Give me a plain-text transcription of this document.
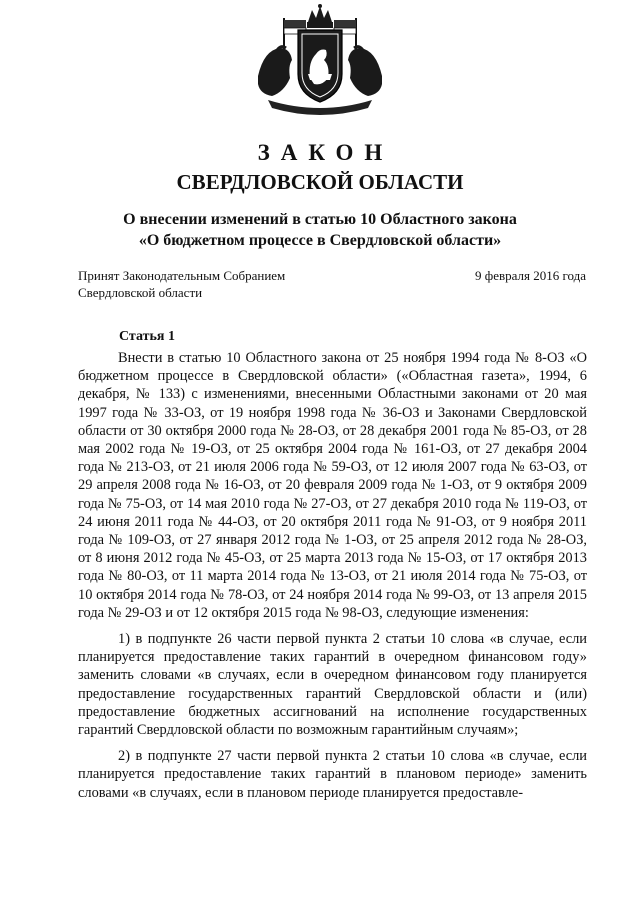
ЗАКОН
СВЕРДЛОВСКОЙ ОБЛАСТИ
О внесении изменений в статью 10 Областного закона
«О бюджетном процессе в Свердловской области»
Принят Законодательным Собранием
Свердловской области
9 февраля 2016 года
Статья 1

Внести в статью 10 Областного закона от 25 ноября 1994 года № 8-ОЗ «О бюджетном процессе в Свердловской области» («Областная газета», 1994, 6 декабря, № 133) с изменениями, внесенными Областными законами от 20 мая 1997 года № 33-ОЗ, от 19 ноября 1998 года № 36-ОЗ и Законами Свердловской области от 30 октября 2000 года № 28-ОЗ, от 28 декабря 2001 года № 85-ОЗ, от 28 мая 2002 года № 19-ОЗ, от 25 октября 2004 года № 161-ОЗ, от 27 декабря 2004 года № 213-ОЗ, от 21 июля 2006 года № 59-ОЗ, от 12 июля 2007 года № 63-ОЗ, от 29 апреля 2008 года № 16-ОЗ, от 20 февраля 2009 года № 1-ОЗ, от 9 октября 2009 года № 75-ОЗ, от 14 мая 2010 года № 27-ОЗ, от 27 декабря 2010 года № 119-ОЗ, от 24 июня 2011 года № 44-ОЗ, от 20 октября 2011 года № 91-ОЗ, от 9 ноября 2011 года № 109-ОЗ, от 27 января 2012 года № 1-ОЗ, от 25 апреля 2012 года № 28-ОЗ, от 8 июня 2012 года № 45-ОЗ, от 25 марта 2013 года № 15-ОЗ, от 17 октября 2013 года № 80-ОЗ, от 11 марта 2014 года № 13-ОЗ, от 21 июля 2014 года № 75-ОЗ, от 10 октября 2014 года № 78-ОЗ, от 24 ноября 2014 года № 99-ОЗ, от 13 апреля 2015 года № 29-ОЗ и от 12 октября 2015 года № 98-ОЗ, следующие изменения:

1) в подпункте 26 части первой пункта 2 статьи 10 слова «в случае, если планируется предоставление таких гарантий в очередном финансовом году» заменить словами «в случаях, если в очередном финансовом году планируется предоставление государственных гарантий Свердловской области и (или) предоставление бюджетных ассигнований на исполнение государственных гарантий Свердловской области по возможным гарантийным случаям»;

2) в подпункте 27 части первой пункта 2 статьи 10 слова «в случае, если планируется предоставление таких гарантий в плановом периоде» заменить словами «в случаях, если в плановом периоде планируется предоставле-
